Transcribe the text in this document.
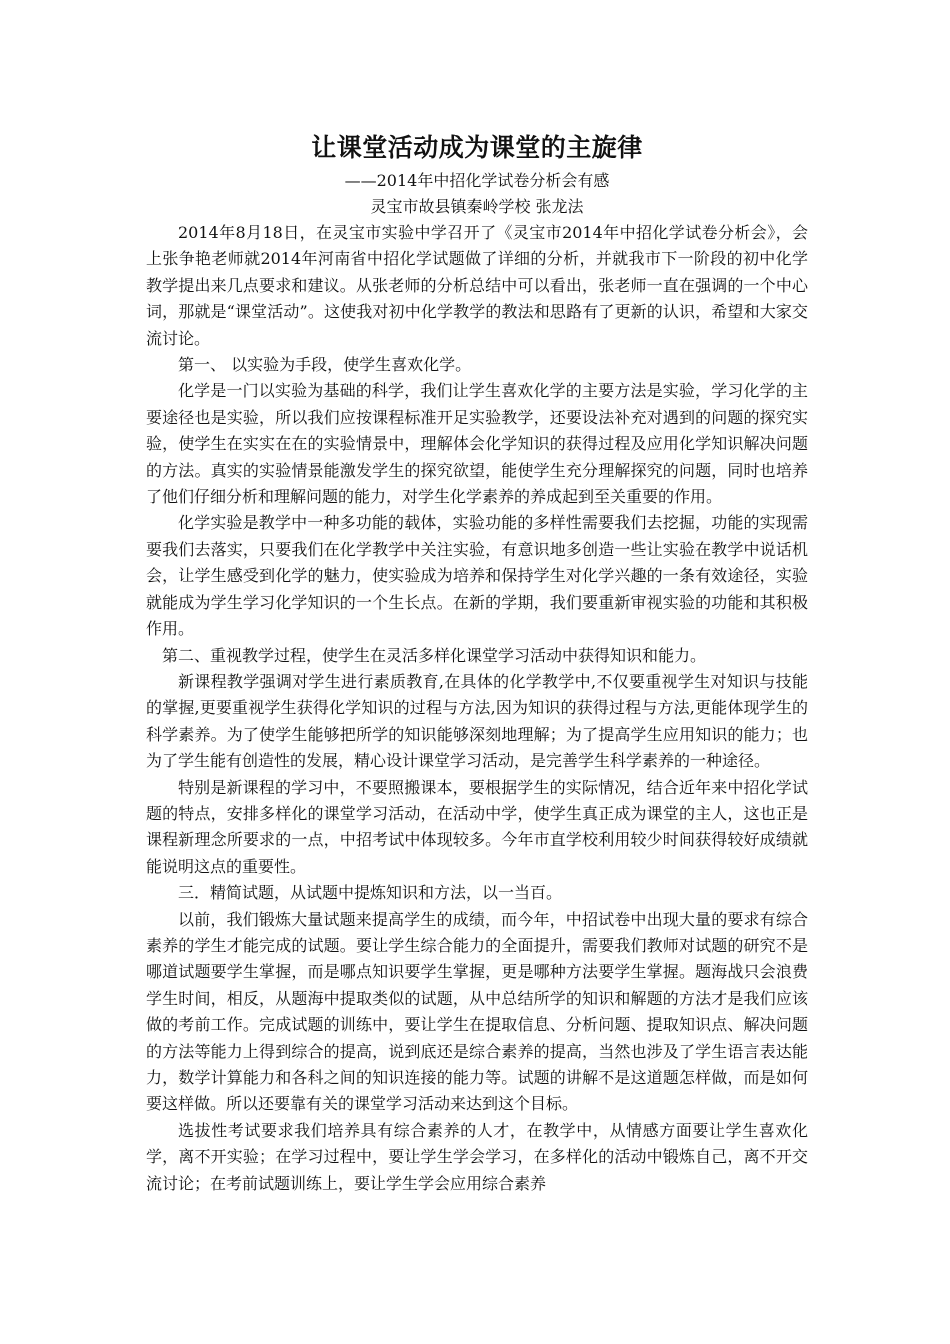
让课堂活动成为课堂的主旋律

——2014年中招化学试卷分析会有感

灵宝市故县镇秦岭学校 张龙法

2014年8月18日，在灵宝市实验中学召开了《灵宝市2014年中招化学试卷分析会》，会上张争艳老师就2014年河南省中招化学试题做了详细的分析，并就我市下一阶段的初中化学教学提出来几点要求和建议。从张老师的分析总结中可以看出，张老师一直在强调的一个中心词，那就是“课堂活动”。这使我对初中化学教学的教法和思路有了更新的认识，希望和大家交流讨论。

第一、 以实验为手段，使学生喜欢化学。

化学是一门以实验为基础的科学，我们让学生喜欢化学的主要方法是实验，学习化学的主要途径也是实验，所以我们应按课程标准开足实验教学，还要设法补充对遇到的问题的探究实验，使学生在实实在在的实验情景中，理解体会化学知识的获得过程及应用化学知识解决问题的方法。真实的实验情景能激发学生的探究欲望，能使学生充分理解探究的问题，同时也培养了他们仔细分析和理解问题的能力，对学生化学素养的养成起到至关重要的作用。

化学实验是教学中一种多功能的载体，实验功能的多样性需要我们去挖掘，功能的实现需要我们去落实，只要我们在化学教学中关注实验，有意识地多创造一些让实验在教学中说话机会，让学生感受到化学的魅力，使实验成为培养和保持学生对化学兴趣的一条有效途径，实验就能成为学生学习化学知识的一个生长点。在新的学期，我们要重新审视实验的功能和其积极作用。

第二、重视教学过程，使学生在灵活多样化课堂学习活动中获得知识和能力。

新课程教学强调对学生进行素质教育,在具体的化学教学中,不仅要重视学生对知识与技能的掌握,更要重视学生获得化学知识的过程与方法,因为知识的获得过程与方法,更能体现学生的科学素养。为了使学生能够把所学的知识能够深刻地理解；为了提高学生应用知识的能力；也为了学生能有创造性的发展，精心设计课堂学习活动，是完善学生科学素养的一种途径。

特别是新课程的学习中，不要照搬课本，要根据学生的实际情况，结合近年来中招化学试题的特点，安排多样化的课堂学习活动，在活动中学，使学生真正成为课堂的主人，这也正是课程新理念所要求的一点，中招考试中体现较多。今年市直学校利用较少时间获得较好成绩就能说明这点的重要性。

三．精简试题，从试题中提炼知识和方法，以一当百。

以前，我们锻炼大量试题来提高学生的成绩，而今年，中招试卷中出现大量的要求有综合素养的学生才能完成的试题。要让学生综合能力的全面提升，需要我们教师对试题的研究不是哪道试题要学生掌握，而是哪点知识要学生掌握，更是哪种方法要学生掌握。题海战只会浪费学生时间，相反，从题海中提取类似的试题，从中总结所学的知识和解题的方法才是我们应该做的考前工作。完成试题的训练中，要让学生在提取信息、分析问题、提取知识点、解决问题的方法等能力上得到综合的提高，说到底还是综合素养的提高，当然也涉及了学生语言表达能力，数学计算能力和各科之间的知识连接的能力等。试题的讲解不是这道题怎样做，而是如何要这样做。所以还要靠有关的课堂学习活动来达到这个目标。

选拔性考试要求我们培养具有综合素养的人才，在教学中，从情感方面要让学生喜欢化学，离不开实验；在学习过程中，要让学生学会学习，在多样化的活动中锻炼自己，离不开交流讨论；在考前试题训练上，要让学生学会应用综合素养
